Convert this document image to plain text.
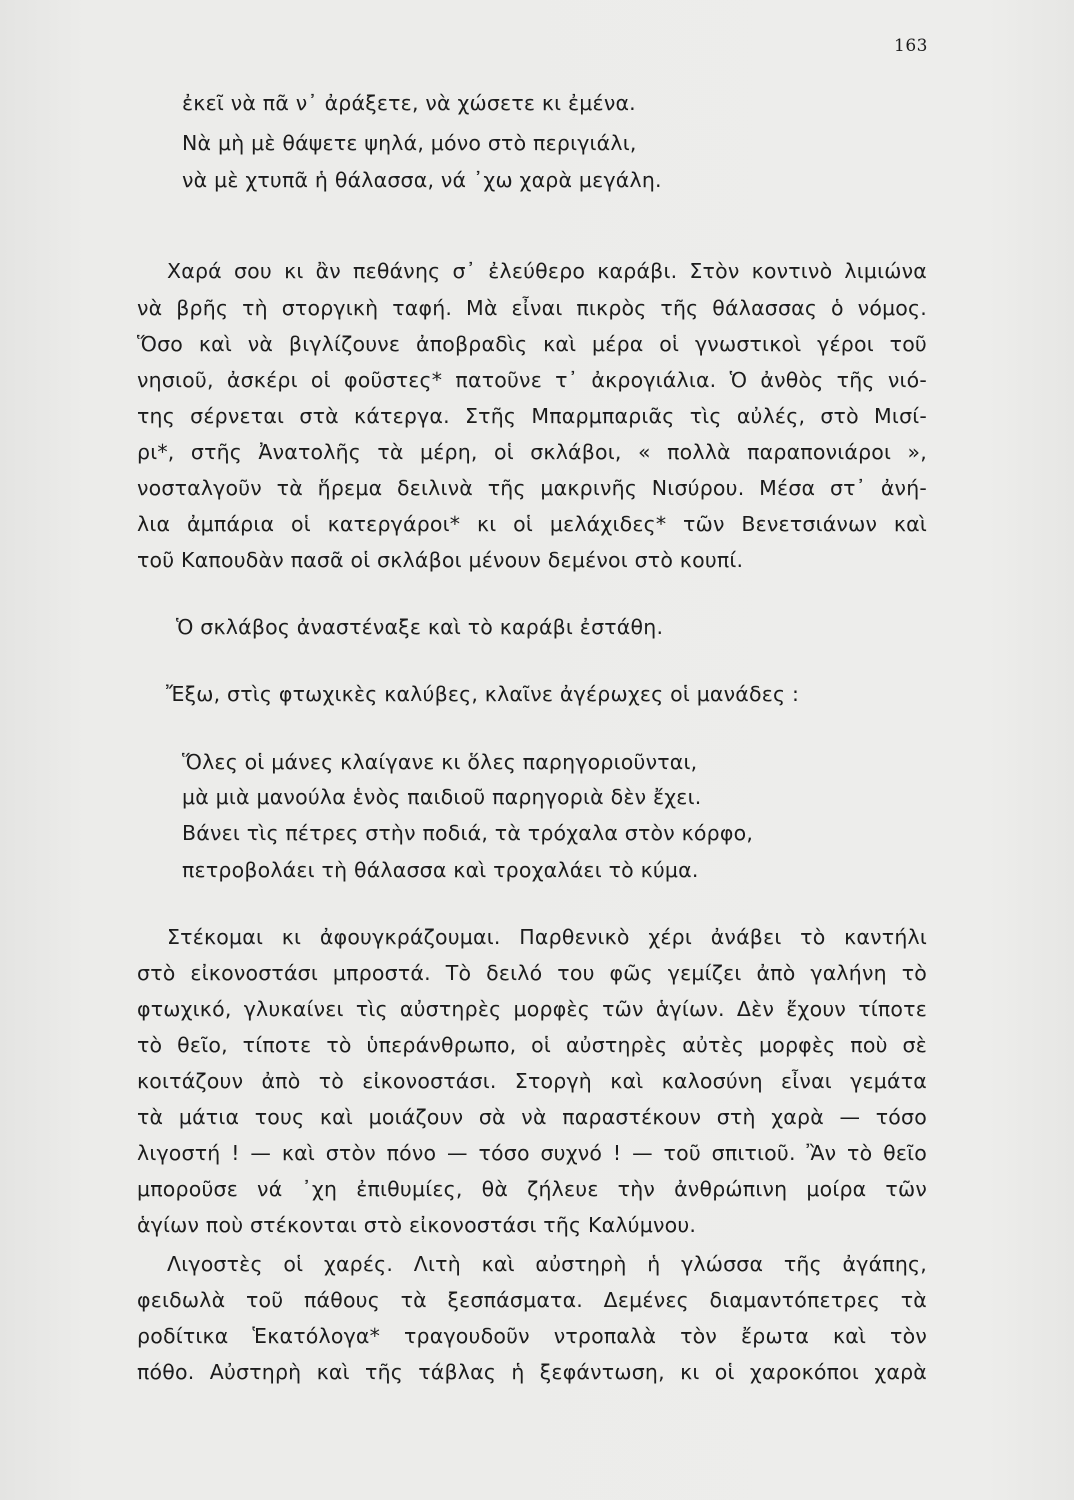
163
ἐκεῖ νὰ πᾶ ν᾽ ἀράξετε, νὰ χώσετε κι ἐμένα.
Νὰ μὴ μὲ θάψετε ψηλά, μόνο στὸ περιγιάλι,
νὰ μὲ χτυπᾶ ἡ θάλασσα, νά ᾽χω χαρὰ μεγάλη.
Χαρά σου κι ἂν πεθάνης σ᾽ ἐλεύθερο καράβι. Στὸν κοντινὸ λιμιώνα
νὰ βρῆς τὴ στοργικὴ ταφή. Μὰ εἶναι πικρὸς τῆς θάλασσας ὁ νόμος.
Ὅσο καὶ νὰ βιγλίζουνε ἀποβραδὶς καὶ μέρα οἱ γνωστικοὶ γέροι τοῦ
νησιοῦ, ἀσκέρι οἱ φοῦστες* πατοῦνε τ᾽ ἀκρογιάλια. Ὁ ἀνθὸς τῆς νιό-
της σέρνεται στὰ κάτεργα. Στῆς Μπαρμπαριᾶς τὶς αὐλές, στὸ Μισί-
ρι*, στῆς Ἀνατολῆς τὰ μέρη, οἱ σκλάβοι, « πολλὰ παραπονιάροι »,
νοσταλγοῦν τὰ ἥρεμα δειλινὰ τῆς μακρινῆς Νισύρου. Μέσα στ᾽ ἀνή-
λια ἀμπάρια οἱ κατεργάροι* κι οἱ μελάχιδες* τῶν Βενετσιάνων καὶ
τοῦ Καπουδὰν πασᾶ οἱ σκλάβοι μένουν δεμένοι στὸ κουπί.
Ὁ σκλάβος ἀναστέναξε καὶ τὸ καράβι ἐστάθη.
Ἔξω, στὶς φτωχικὲς καλύβες, κλαῖνε ἀγέρωχες οἱ μανάδες :
Ὅλες οἱ μάνες κλαίγανε κι ὅλες παρηγοριοῦνται,
μὰ μιὰ μανούλα ἑνὸς παιδιοῦ παρηγοριὰ δὲν ἔχει.
Βάνει τὶς πέτρες στὴν ποδιά, τὰ τρόχαλα στὸν κόρφο,
πετροβολάει τὴ θάλασσα καὶ τροχαλάει τὸ κύμα.
Στέκομαι κι ἀφουγκράζουμαι. Παρθενικὸ χέρι ἀνάβει τὸ καντήλι
στὸ εἰκονοστάσι μπροστά. Τὸ δειλό του φῶς γεμίζει ἀπὸ γαλήνη τὸ
φτωχικό, γλυκαίνει τὶς αὐστηρὲς μορφὲς τῶν ἁγίων. Δὲν ἔχουν τίποτε
τὸ θεῖο, τίποτε τὸ ὑπεράνθρωπο, οἱ αὐστηρὲς αὐτὲς μορφὲς ποὺ σὲ
κοιτάζουν ἀπὸ τὸ εἰκονοστάσι. Στοργὴ καὶ καλοσύνη εἶναι γεμάτα
τὰ μάτια τους καὶ μοιάζουν σὰ νὰ παραστέκουν στὴ χαρὰ — τόσο
λιγοστή ! — καὶ στὸν πόνο — τόσο συχνό ! — τοῦ σπιτιοῦ. Ἂν τὸ θεῖο
μποροῦσε νά ᾽χη ἐπιθυμίες, θὰ ζήλευε τὴν ἀνθρώπινη μοίρα τῶν
ἁγίων ποὺ στέκονται στὸ εἰκονοστάσι τῆς Καλύμνου.
Λιγοστὲς οἱ χαρές. Λιτὴ καὶ αὐστηρὴ ἡ γλώσσα τῆς ἀγάπης,
φειδωλὰ τοῦ πάθους τὰ ξεσπάσματα. Δεμένες διαμαντόπετρες τὰ
ροδίτικα Ἑκατόλογα* τραγουδοῦν ντροπαλὰ τὸν ἔρωτα καὶ τὸν
πόθο. Αὐστηρὴ καὶ τῆς τάβλας ἡ ξεφάντωση, κι οἱ χαροκόποι χαρὰ
